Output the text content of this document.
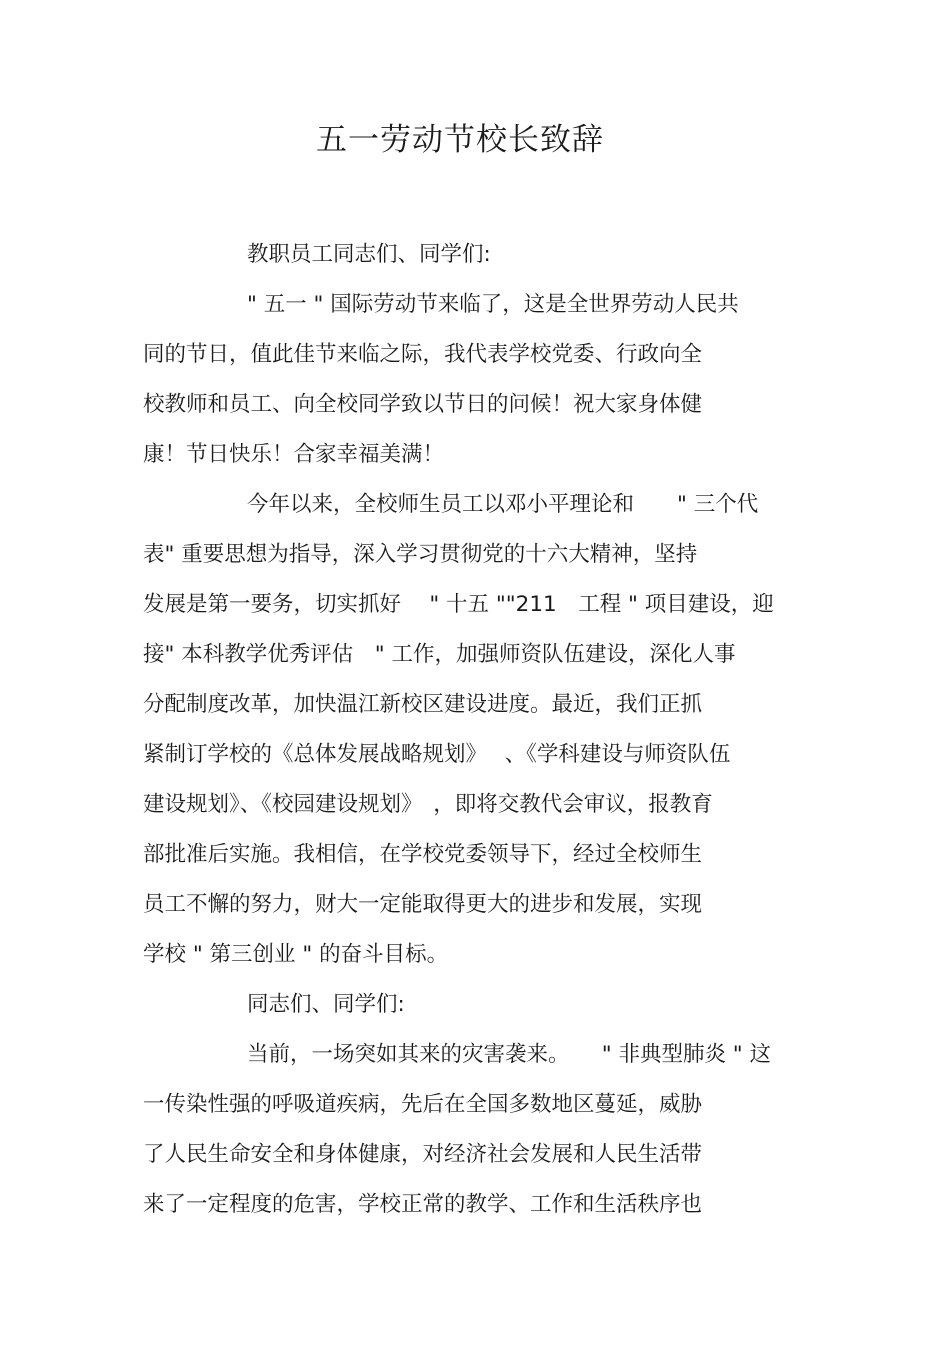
五一劳动节校长致辞
教职员工同志们、同学们:
" 五一 " 国际劳动节来临了，这是全世界劳动人民共
同的节日，值此佳节来临之际，我代表学校党委、行政向全
校教师和员工、向全校同学致以节日的问候！祝大家身体健
康！节日快乐！合家幸福美满！
今年以来，全校师生员工以邓小平理论和　　" 三个代
表" 重要思想为指导，深入学习贯彻党的十六大精神，坚持
发展是第一要务，切实抓好　 " 十五 ""211　工程 " 项目建设，迎
接" 本科教学优秀评估　" 工作，加强师资队伍建设，深化人事
分配制度改革，加快温江新校区建设进度。最近，我们正抓
紧制订学校的《总体发展战略规划》　 、《学科建设与师资队伍
建设规划》、《校园建设规划》　，即将交教代会审议，报教育
部批准后实施。我相信，在学校党委领导下，经过全校师生
员工不懈的努力，财大一定能取得更大的进步和发展，实现
学校 " 第三创业 " 的奋斗目标。
同志们、同学们:
当前，一场突如其来的灾害袭来。　　" 非典型肺炎 " 这
一传染性强的呼吸道疾病，先后在全国多数地区蔓延，威胁
了人民生命安全和身体健康，对经济社会发展和人民生活带
来了一定程度的危害，学校正常的教学、工作和生活秩序也
